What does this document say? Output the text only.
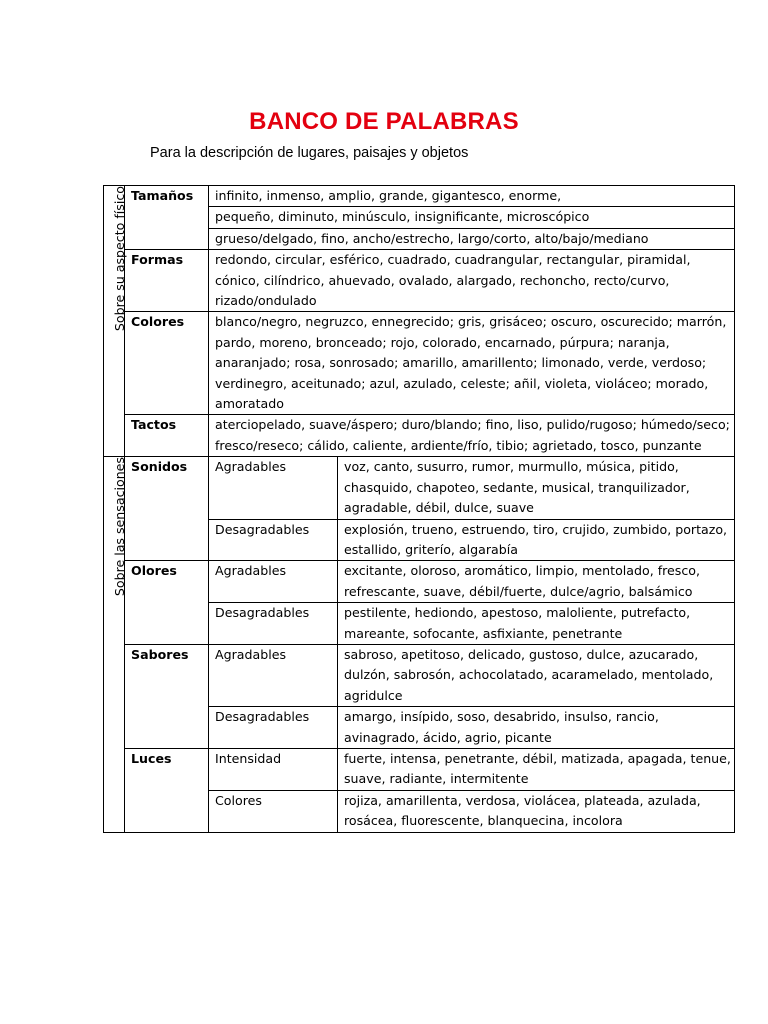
BANCO DE PALABRAS
Para la descripción de lugares, paisajes y objetos
Sobre su aspecto físico	Tamaños	infinito, inmenso, amplio, grande, gigantesco, enorme,	
		pequeño, diminuto, minúsculo, insignificante, microscópico	
		grueso/delgado, fino, ancho/estrecho, largo/corto, alto/bajo/mediano	
	Formas	redondo, circular, esférico, cuadrado, cuadrangular, rectangular, piramidal, cónico, cilíndrico, ahuevado, ovalado, alargado, rechoncho, recto/curvo, rizado/ondulado	
	Colores	blanco/negro, negruzco, ennegrecido; gris, grisáceo; oscuro, oscurecido; marrón, pardo, moreno, bronceado; rojo, colorado, encarnado, púrpura; naranja, anaranjado; rosa, sonrosado; amarillo, amarillento; limonado, verde, verdoso; verdinegro, aceitunado; azul, azulado, celeste; añil, violeta, violáceo; morado, amoratado	
	Tactos	aterciopelado, suave/áspero; duro/blando; fino, liso, pulido/rugoso; húmedo/seco; fresco/reseco; cálido, caliente, ardiente/frío, tibio; agrietado, tosco, punzante	

Sobre las sensaciones	Sonidos	Agradables	voz, canto, susurro, rumor, murmullo, música, pitido, chasquido, chapoteo, sedante, musical, tranquilizador, agradable, débil, dulce, suave
		Desagradables	explosión, trueno, estruendo, tiro, crujido, zumbido, portazo, estallido, griterío, algarabía
	Olores	Agradables	excitante, oloroso, aromático, limpio, mentolado, fresco, refrescante, suave, débil/fuerte, dulce/agrio, balsámico
		Desagradables	pestilente, hediondo, apestoso, maloliente, putrefacto, mareante, sofocante, asfixiante, penetrante
	Sabores	Agradables	sabroso, apetitoso, delicado, gustoso, dulce, azucarado, dulzón, sabrosón, achocolatado, acaramelado, mentolado, agridulce
		Desagradables	amargo, insípido, soso, desabrido, insulso, rancio, avinagrado, ácido, agrio, picante
	Luces	Intensidad	fuerte, intensa, penetrante, débil, matizada, apagada, tenue, suave, radiante, intermitente
		Colores	rojiza, amarillenta, verdosa, violácea, plateada, azulada, rosácea, fluorescente, blanquecina, incolora
